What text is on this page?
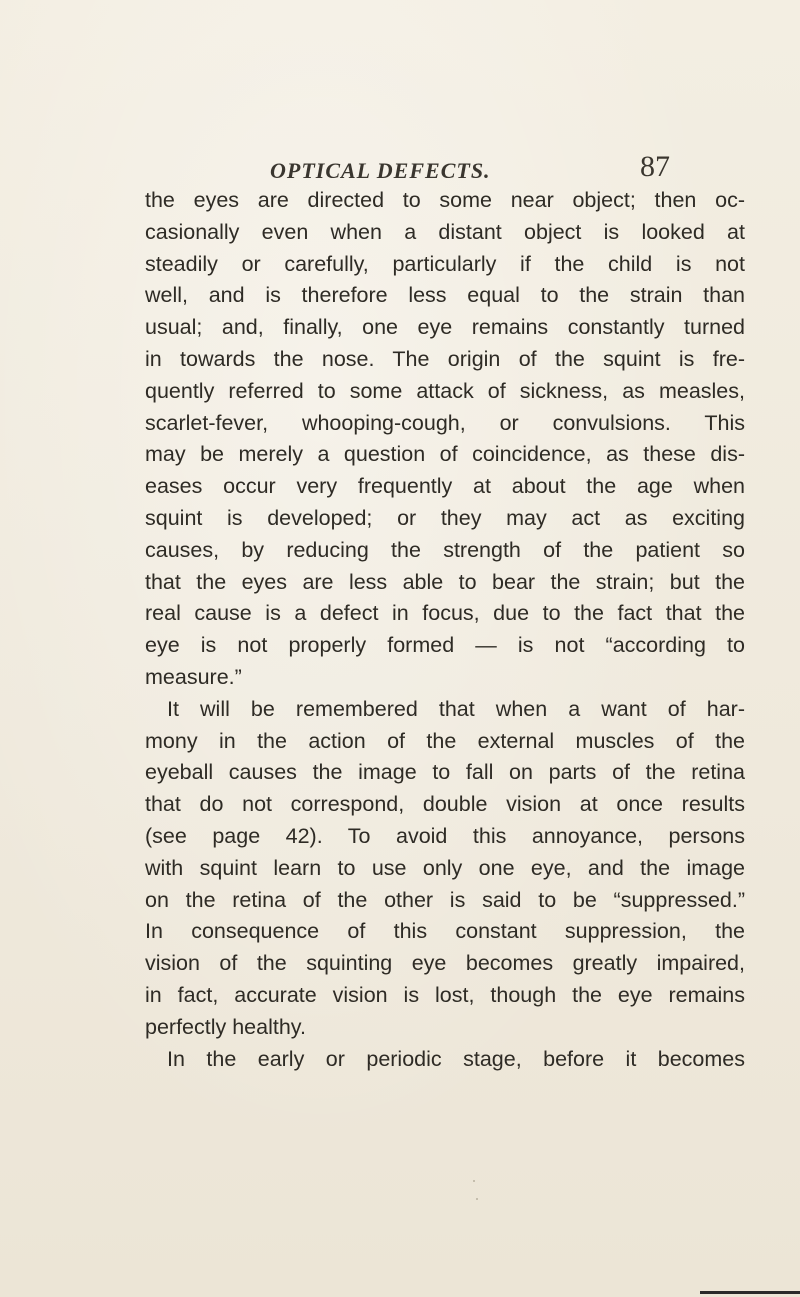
OPTICAL DEFECTS.	87
the eyes are directed to some near object; then oc-
casionally even when a distant object is looked at
steadily or carefully, particularly if the child is not
well, and is therefore less equal to the strain than
usual; and, finally, one eye remains constantly turned
in towards the nose. The origin of the squint is fre-
quently referred to some attack of sickness, as measles,
scarlet-fever, whooping-cough, or convulsions. This
may be merely a question of coincidence, as these dis-
eases occur very frequently at about the age when
squint is developed; or they may act as exciting
causes, by reducing the strength of the patient so
that the eyes are less able to bear the strain; but the
real cause is a defect in focus, due to the fact that the
eye is not properly formed — is not “according to
measure.”
It will be remembered that when a want of har-
mony in the action of the external muscles of the
eyeball causes the image to fall on parts of the retina
that do not correspond, double vision at once results
(see page 42). To avoid this annoyance, persons
with squint learn to use only one eye, and the image
on the retina of the other is said to be “suppressed.”
In consequence of this constant suppression, the
vision of the squinting eye becomes greatly impaired,
in fact, accurate vision is lost, though the eye remains
perfectly healthy.
In the early or periodic stage, before it becomes
